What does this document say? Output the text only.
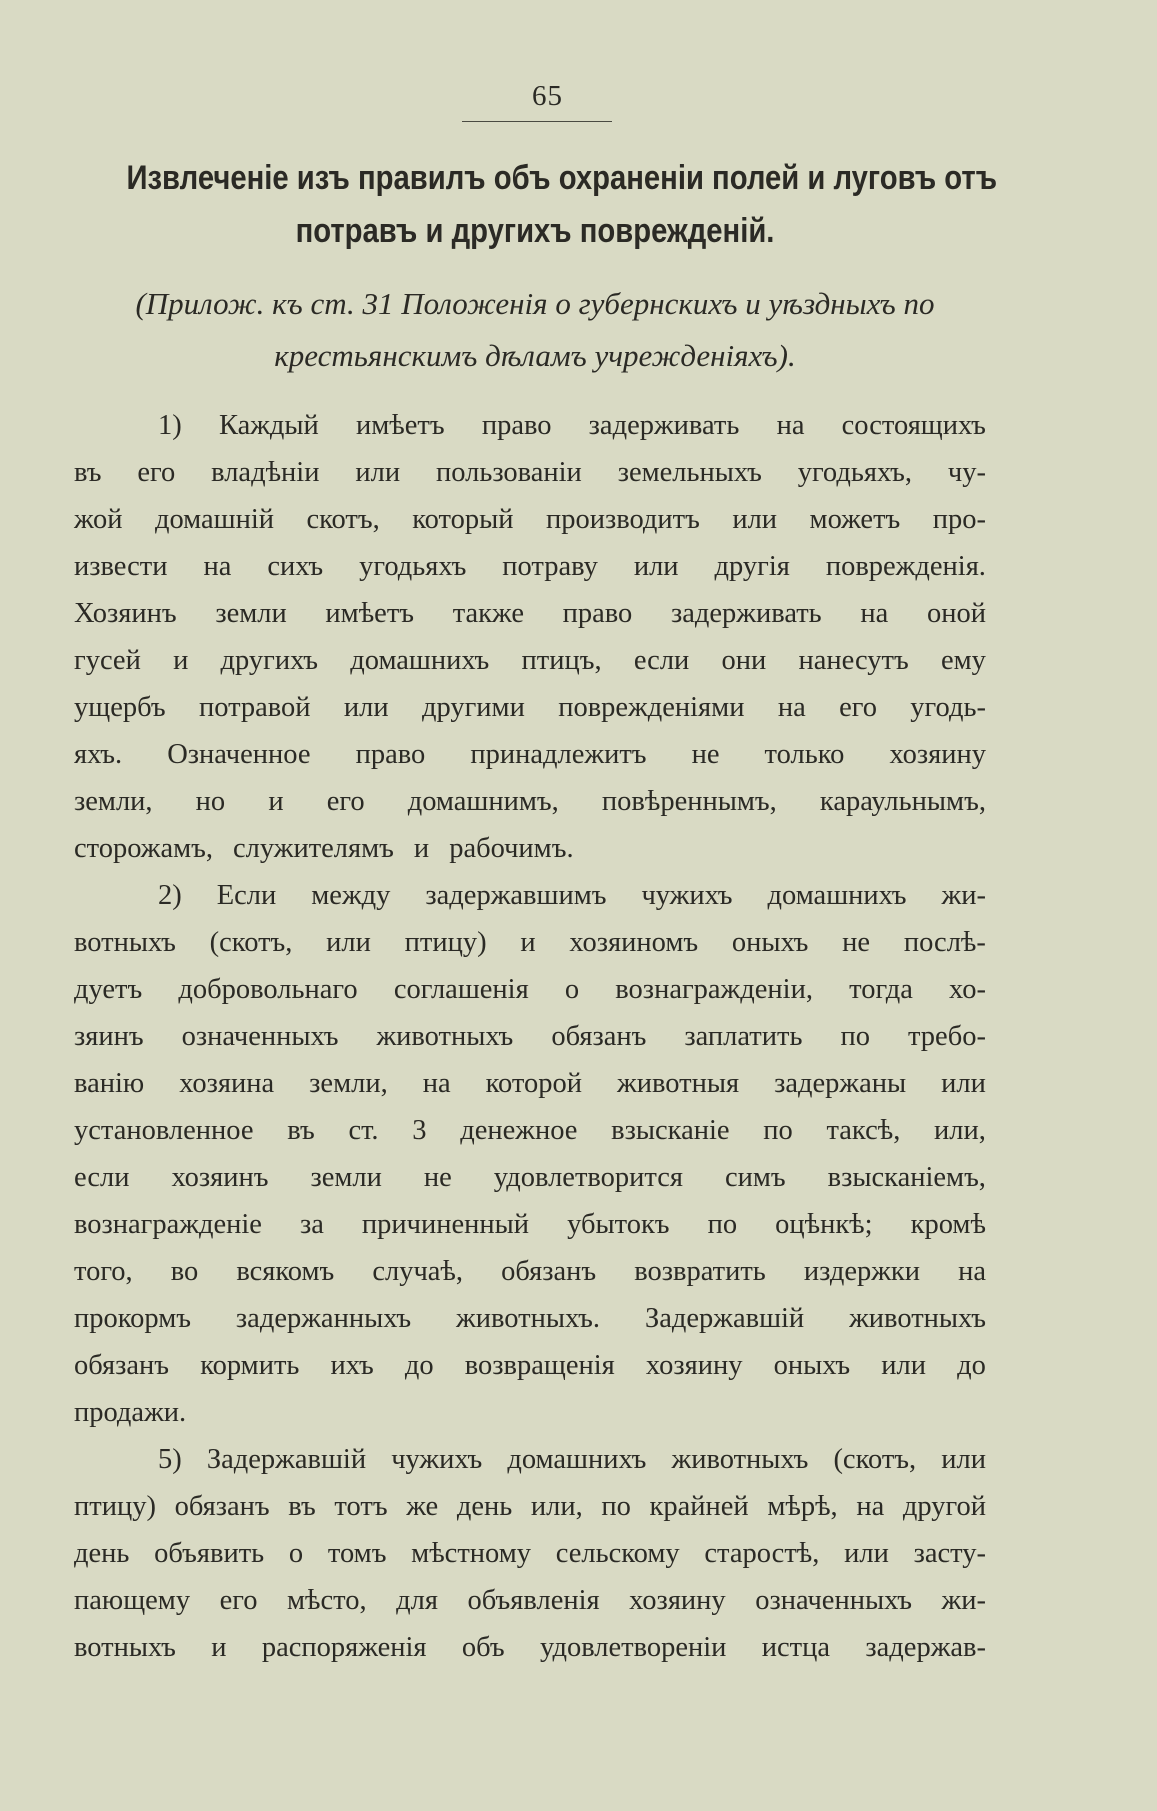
65
Извлеченіе изъ правилъ объ охраненіи полей и луговъ отъ
потравъ и другихъ поврежденій.
(Прилож. къ ст. 31 Положенія о губернскихъ и уѣздныхъ по
крестьянскимъ дѣламъ учрежденіяхъ).
1) Каждый имѣетъ право задерживать на состоящихъ
въ его владѣніи или пользованіи земельныхъ угодьяхъ, чу-
жой домашній скотъ, который производитъ или можетъ про-
извести на сихъ угодьяхъ потраву или другія поврежденія.
Хозяинъ земли имѣетъ также право задерживать на оной
гусей и другихъ домашнихъ птицъ, если они нанесутъ ему
ущербъ потравой или другими поврежденіями на его угодь-
яхъ. Означенное право принадлежитъ не только хозяину
земли, но и его домашнимъ, повѣреннымъ, караульнымъ,
сторожамъ, служителямъ и рабочимъ.
2) Если между задержавшимъ чужихъ домашнихъ жи-
вотныхъ (скотъ, или птицу) и хозяиномъ оныхъ не послѣ-
дуетъ добровольнаго соглашенія о вознагражденіи, тогда хо-
зяинъ означенныхъ животныхъ обязанъ заплатить по требо-
ванію хозяина земли, на которой животныя задержаны или
установленное въ ст. 3 денежное взысканіе по таксѣ, или,
если хозяинъ земли не удовлетворится симъ взысканіемъ,
вознагражденіе за причиненный убытокъ по оцѣнкѣ; кромѣ
того, во всякомъ случаѣ, обязанъ возвратить издержки на
прокормъ задержанныхъ животныхъ. Задержавшій животныхъ
обязанъ кормить ихъ до возвращенія хозяину оныхъ или до
продажи.
5) Задержавшій чужихъ домашнихъ животныхъ (скотъ, или
птицу) обязанъ въ тотъ же день или, по крайней мѣрѣ, на другой
день объявить о томъ мѣстному сельскому старостѣ, или засту-
пающему его мѣсто, для объявленія хозяину означенныхъ жи-
вотныхъ и распоряженія объ удовлетвореніи истца задержав-
